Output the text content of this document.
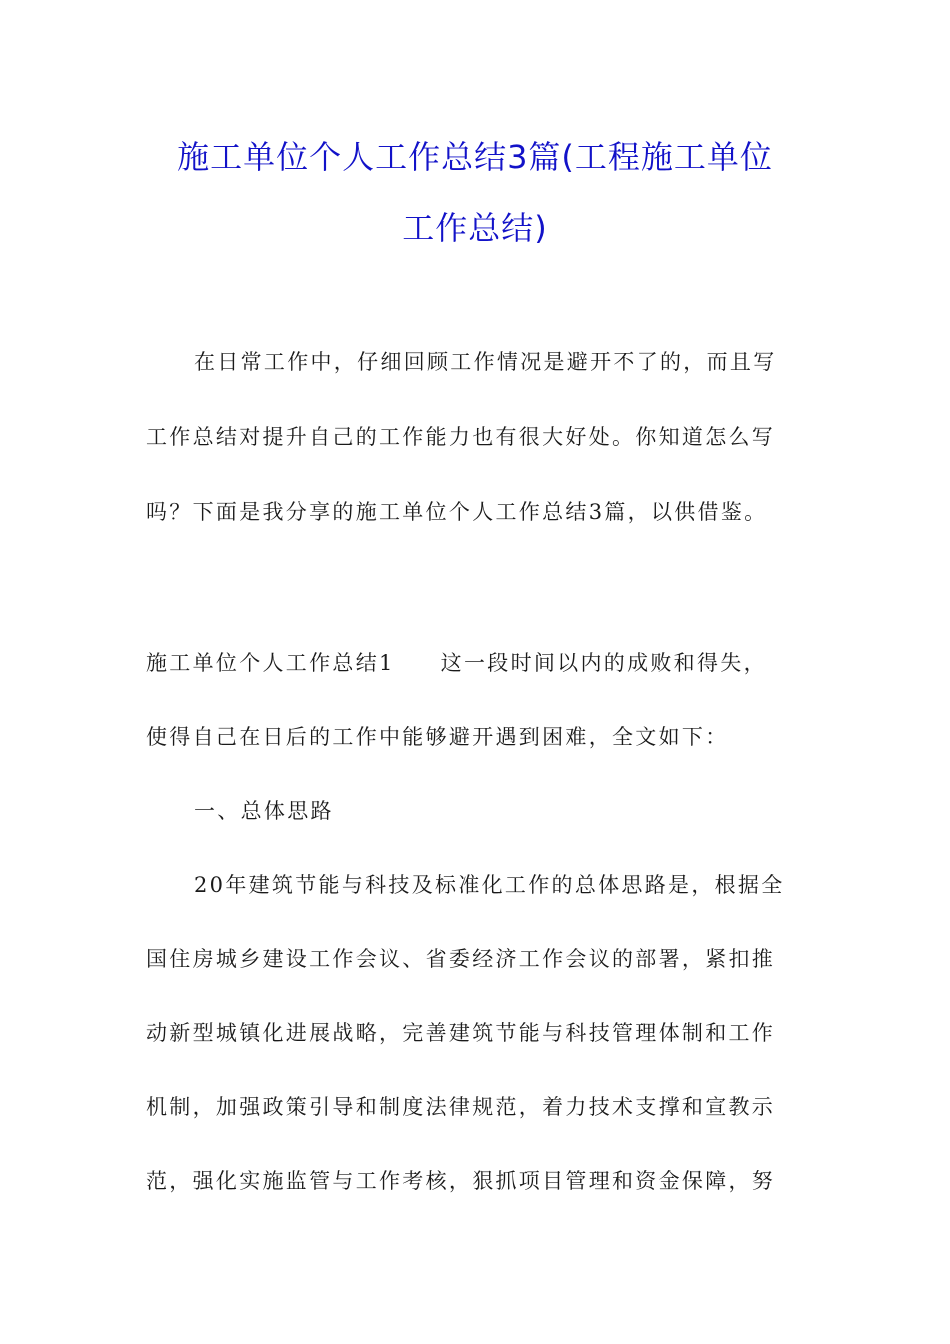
施工单位个人工作总结3篇(工程施工单位
工作总结)

在日常工作中，仔细回顾工作情况是避开不了的，而且写

工作总结对提升自己的工作能力也有很大好处。你知道怎么写

吗？下面是我分享的施工单位个人工作总结3篇，以供借鉴。

施工单位个人工作总结1 这一段时间以内的成败和得失，

使得自己在日后的工作中能够避开遇到困难，全文如下：

一、总体思路

20年建筑节能与科技及标准化工作的总体思路是，根据全

国住房城乡建设工作会议、省委经济工作会议的部署，紧扣推

动新型城镇化进展战略，完善建筑节能与科技管理体制和工作

机制，加强政策引导和制度法律规范，着力技术支撑和宣教示

范，强化实施监管与工作考核，狠抓项目管理和资金保障，努
